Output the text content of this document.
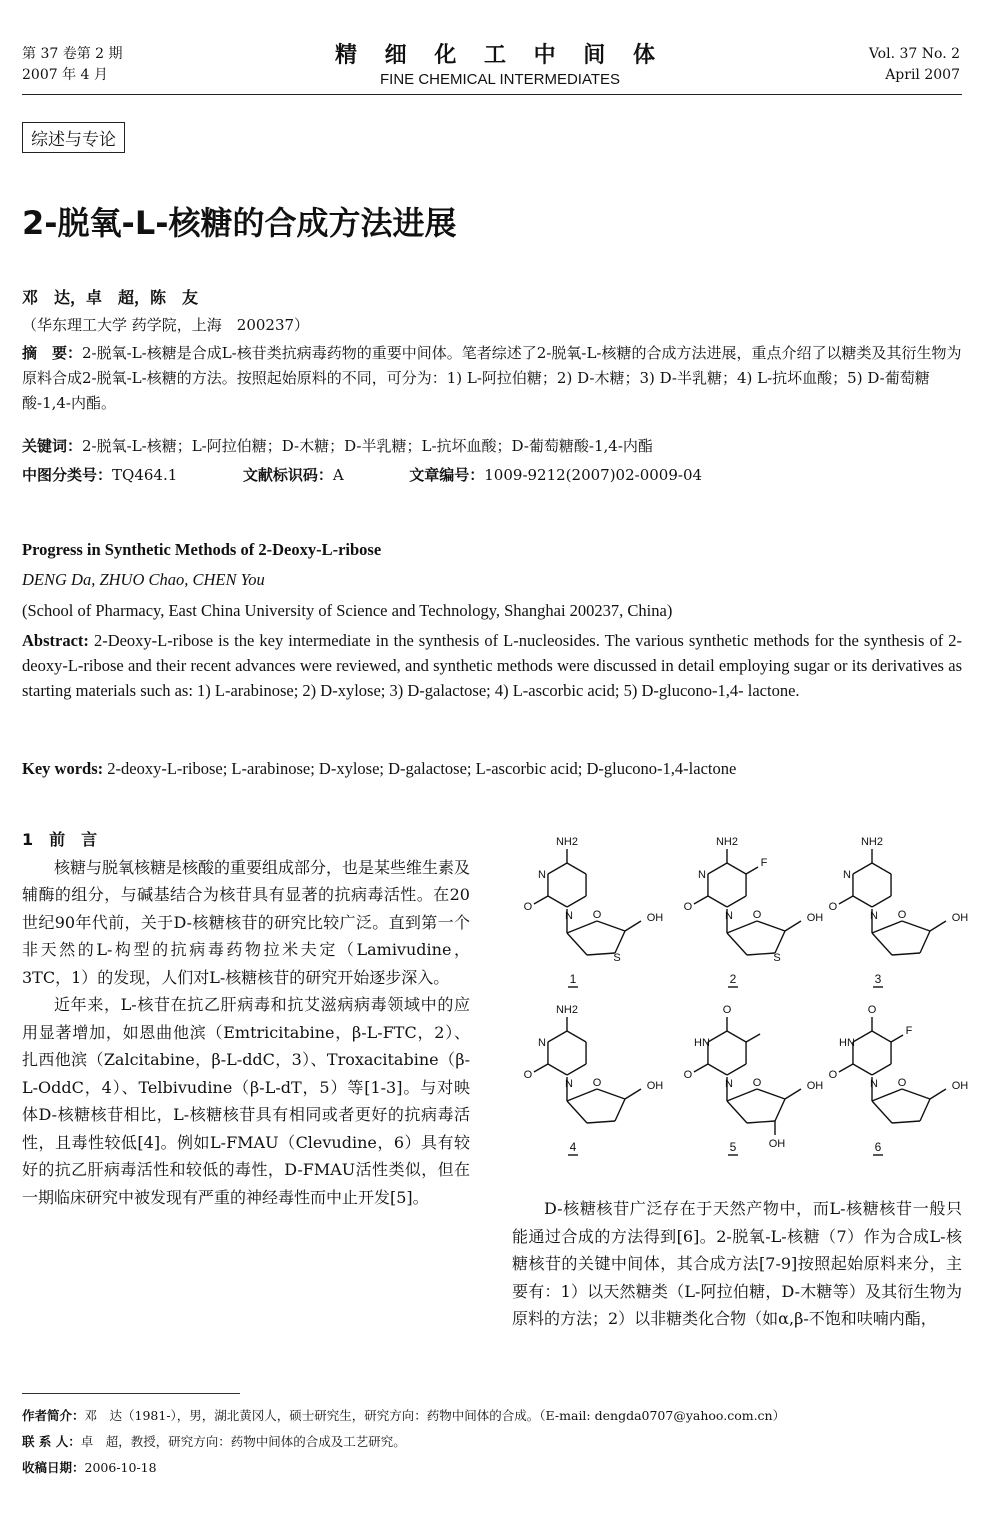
第 37 卷第 2 期
2007 年 4 月
精 细 化 工 中 间 体
FINE CHEMICAL INTERMEDIATES
Vol. 37 No. 2
April 2007
综述与专论
2-脱氧-L-核糖的合成方法进展
邓　达，卓　超，陈　友
（华东理工大学 药学院，上海　200237）
摘　要：2-脱氧-L-核糖是合成L-核苷类抗病毒药物的重要中间体。笔者综述了2-脱氧-L-核糖的合成方法进展，重点介绍了以糖类及其衍生物为原料合成2-脱氧-L-核糖的方法。按照起始原料的不同，可分为：1) L-阿拉伯糖；2) D-木糖；3) D-半乳糖；4) L-抗坏血酸；5) D-葡萄糖酸-1,4-内酯。
关键词：2-脱氧-L-核糖；L-阿拉伯糖；D-木糖；D-半乳糖；L-抗坏血酸；D-葡萄糖酸-1,4-内酯
中图分类号：TQ464.1	文献标识码：A	文章编号：1009-9212(2007)02-0009-04
Progress in Synthetic Methods of 2-Deoxy-L-ribose
DENG Da, ZHUO Chao, CHEN You
(School of Pharmacy, East China University of Science and Technology, Shanghai 200237, China)
Abstract: 2-Deoxy-L-ribose is the key intermediate in the synthesis of L-nucleosides. The various synthetic methods for the synthesis of 2-deoxy-L-ribose and their recent advances were reviewed, and synthetic methods were discussed in detail employing sugar or its derivatives as starting materials such as: 1) L-arabinose; 2) D-xylose; 3) D-galactose; 4) L-ascorbic acid; 5) D-glucono-1,4- lactone.
Key words: 2-deoxy-L-ribose; L-arabinose; D-xylose; D-galactose; L-ascorbic acid; D-glucono-1,4-lactone

1　前　言

核糖与脱氧核糖是核酸的重要组成部分，也是某些维生素及辅酶的组分，与碱基结合为核苷具有显著的抗病毒活性。在20世纪90年代前，关于D-核糖核苷的研究比较广泛。直到第一个非天然的L-构型的抗病毒药物拉米夫定（Lamivudine，3TC，1）的发现，人们对L-核糖核苷的研究开始逐步深入。

近年来，L-核苷在抗乙肝病毒和抗艾滋病病毒领域中的应用显著增加，如恩曲他滨（Emtricitabine，β-L-FTC，2）、扎西他滨（Zalcitabine，β-L-ddC，3）、Troxacitabine（β-L-OddC，4）、Telbivudine（β-L-dT，5）等[1-3]。与对映体D-核糖核苷相比，L-核糖核苷具有相同或者更好的抗病毒活性，且毒性较低[4]。例如L-FMAU（Clevudine，6）具有较好的抗乙肝病毒活性和较低的毒性，D-FMAU活性类似，但在一期临床研究中被发现有严重的神经毒性而中止开发[5]。

NH2
N
N
O
O
S
OH
1
NH2
N
N
O
F
O
S
OH
2
NH2
N
N
O
O	OH
3
NH2
N
N
O
O	OH
4
O
HN
N
O
O	OH
OH
5
O
HN
N
O
F
O	OH
6

D-核糖核苷广泛存在于天然产物中，而L-核糖核苷一般只能通过合成的方法得到[6]。2-脱氧-L-核糖（7）作为合成L-核糖核苷的关键中间体，其合成方法[7-9]按照起始原料来分，主要有：1）以天然糖类（L-阿拉伯糖，D-木糖等）及其衍生物为原料的方法；2）以非糖类化合物（如α,β-不饱和呋喃内酯，

作者简介：邓　达（1981-），男，湖北黄冈人，硕士研究生，研究方向：药物中间体的合成。（E-mail: dengda0707@yahoo.com.cn）
联 系 人：卓　超，教授，研究方向：药物中间体的合成及工艺研究。
收稿日期：2006-10-18
